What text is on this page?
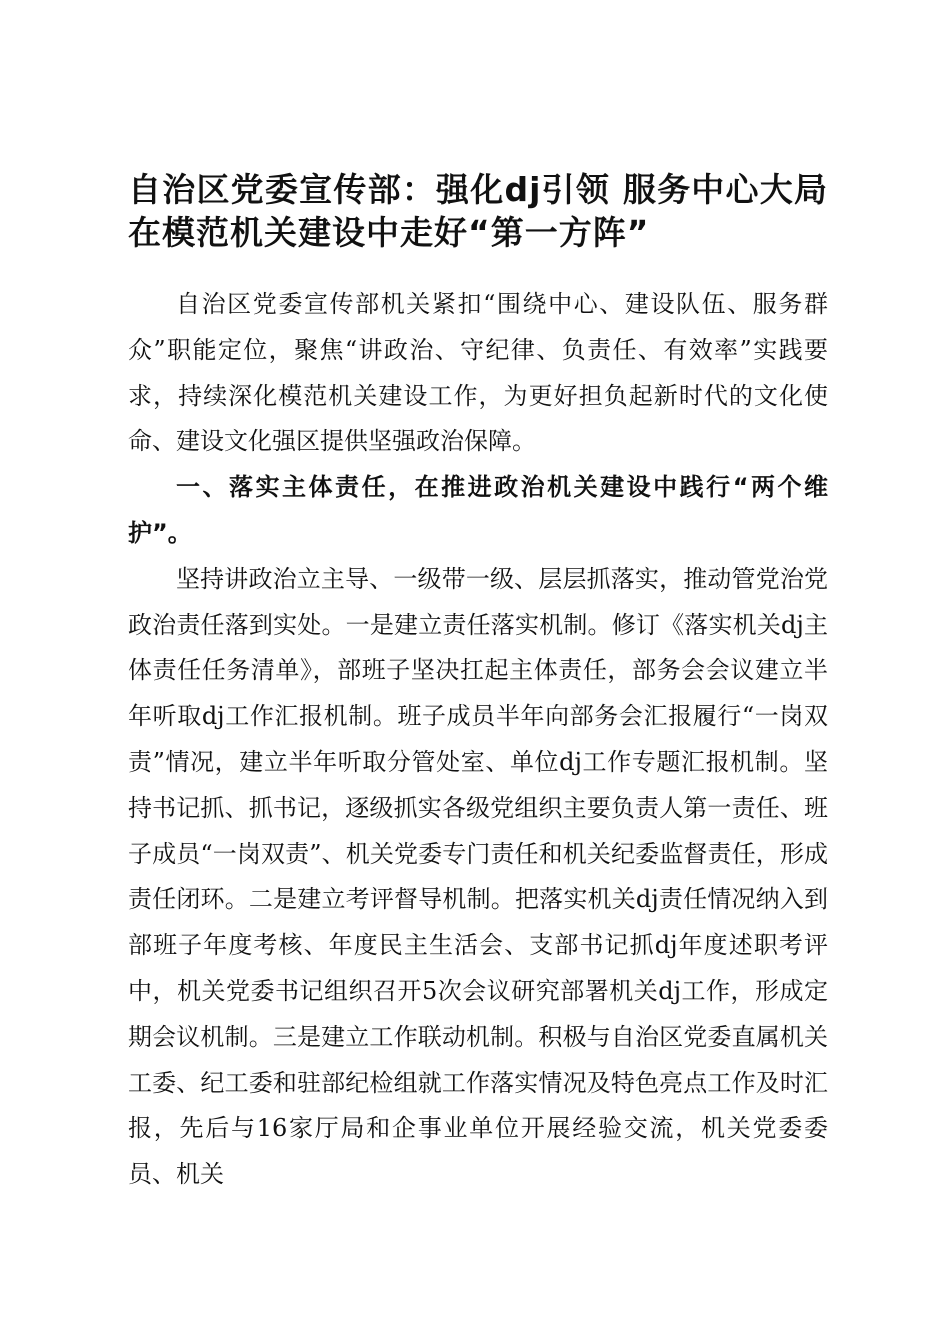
自治区党委宣传部：强化dj引领 服务中心大局 在模范机关建设中走好“第一方阵”

自治区党委宣传部机关紧扣“围绕中心、建设队伍、服务群众”职能定位，聚焦“讲政治、守纪律、负责任、有效率”实践要求，持续深化模范机关建设工作，为更好担负起新时代的文化使命、建设文化强区提供坚强政治保障。

一、落实主体责任，在推进政治机关建设中践行“两个维护”。

坚持讲政治立主导、一级带一级、层层抓落实，推动管党治党政治责任落到实处。一是建立责任落实机制。修订《落实机关dj主体责任任务清单》，部班子坚决扛起主体责任，部务会会议建立半年听取dj工作汇报机制。班子成员半年向部务会汇报履行“一岗双责”情况，建立半年听取分管处室、单位dj工作专题汇报机制。坚持书记抓、抓书记，逐级抓实各级党组织主要负责人第一责任、班子成员“一岗双责”、机关党委专门责任和机关纪委监督责任，形成责任闭环。二是建立考评督导机制。把落实机关dj责任情况纳入到部班子年度考核、年度民主生活会、支部书记抓dj年度述职考评中，机关党委书记组织召开5次会议研究部署机关dj工作，形成定期会议机制。三是建立工作联动机制。积极与自治区党委直属机关工委、纪工委和驻部纪检组就工作落实情况及特色亮点工作及时汇报，先后与16家厅局和企事业单位开展经验交流，机关党委委员、机关
